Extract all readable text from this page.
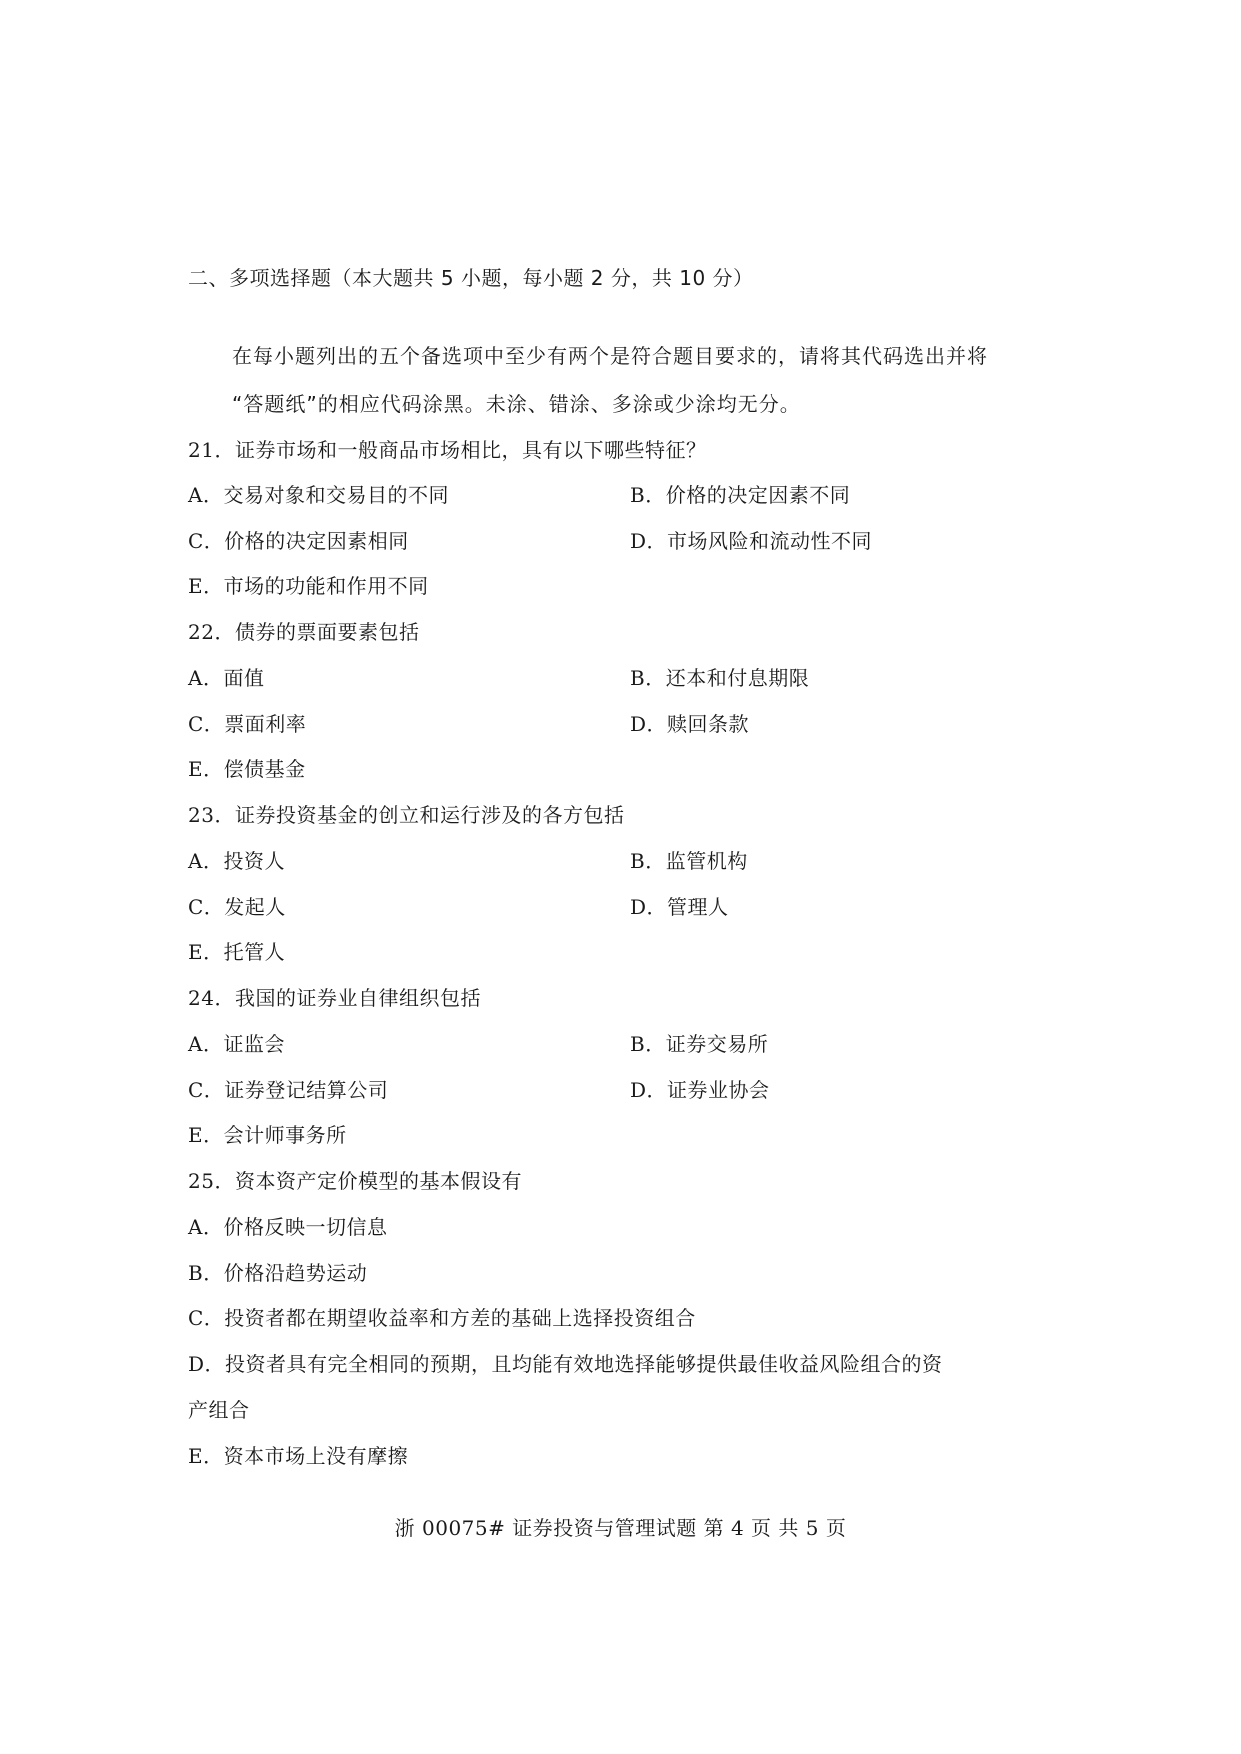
二、多项选择题（本大题共 5 小题，每小题 2 分，共 10 分）
在每小题列出的五个备选项中至少有两个是符合题目要求的，请将其代码选出并将
“答题纸”的相应代码涂黑。未涂、错涂、多涂或少涂均无分。
21．证券市场和一般商品市场相比，具有以下哪些特征？
A．交易对象和交易目的不同	B．价格的决定因素不同
C．价格的决定因素相同	D．市场风险和流动性不同
E．市场的功能和作用不同
22．债券的票面要素包括
A．面值	B．还本和付息期限
C．票面利率	D．赎回条款
E．偿债基金
23．证券投资基金的创立和运行涉及的各方包括
A．投资人	B．监管机构
C．发起人	D．管理人
E．托管人
24．我国的证券业自律组织包括
A．证监会	B．证券交易所
C．证券登记结算公司	D．证券业协会
E．会计师事务所
25．资本资产定价模型的基本假设有
A．价格反映一切信息
B．价格沿趋势运动
C．投资者都在期望收益率和方差的基础上选择投资组合
D．投资者具有完全相同的预期，且均能有效地选择能够提供最佳收益风险组合的资
产组合
E．资本市场上没有摩擦
浙 00075# 证券投资与管理试题 第 4 页 共 5 页
